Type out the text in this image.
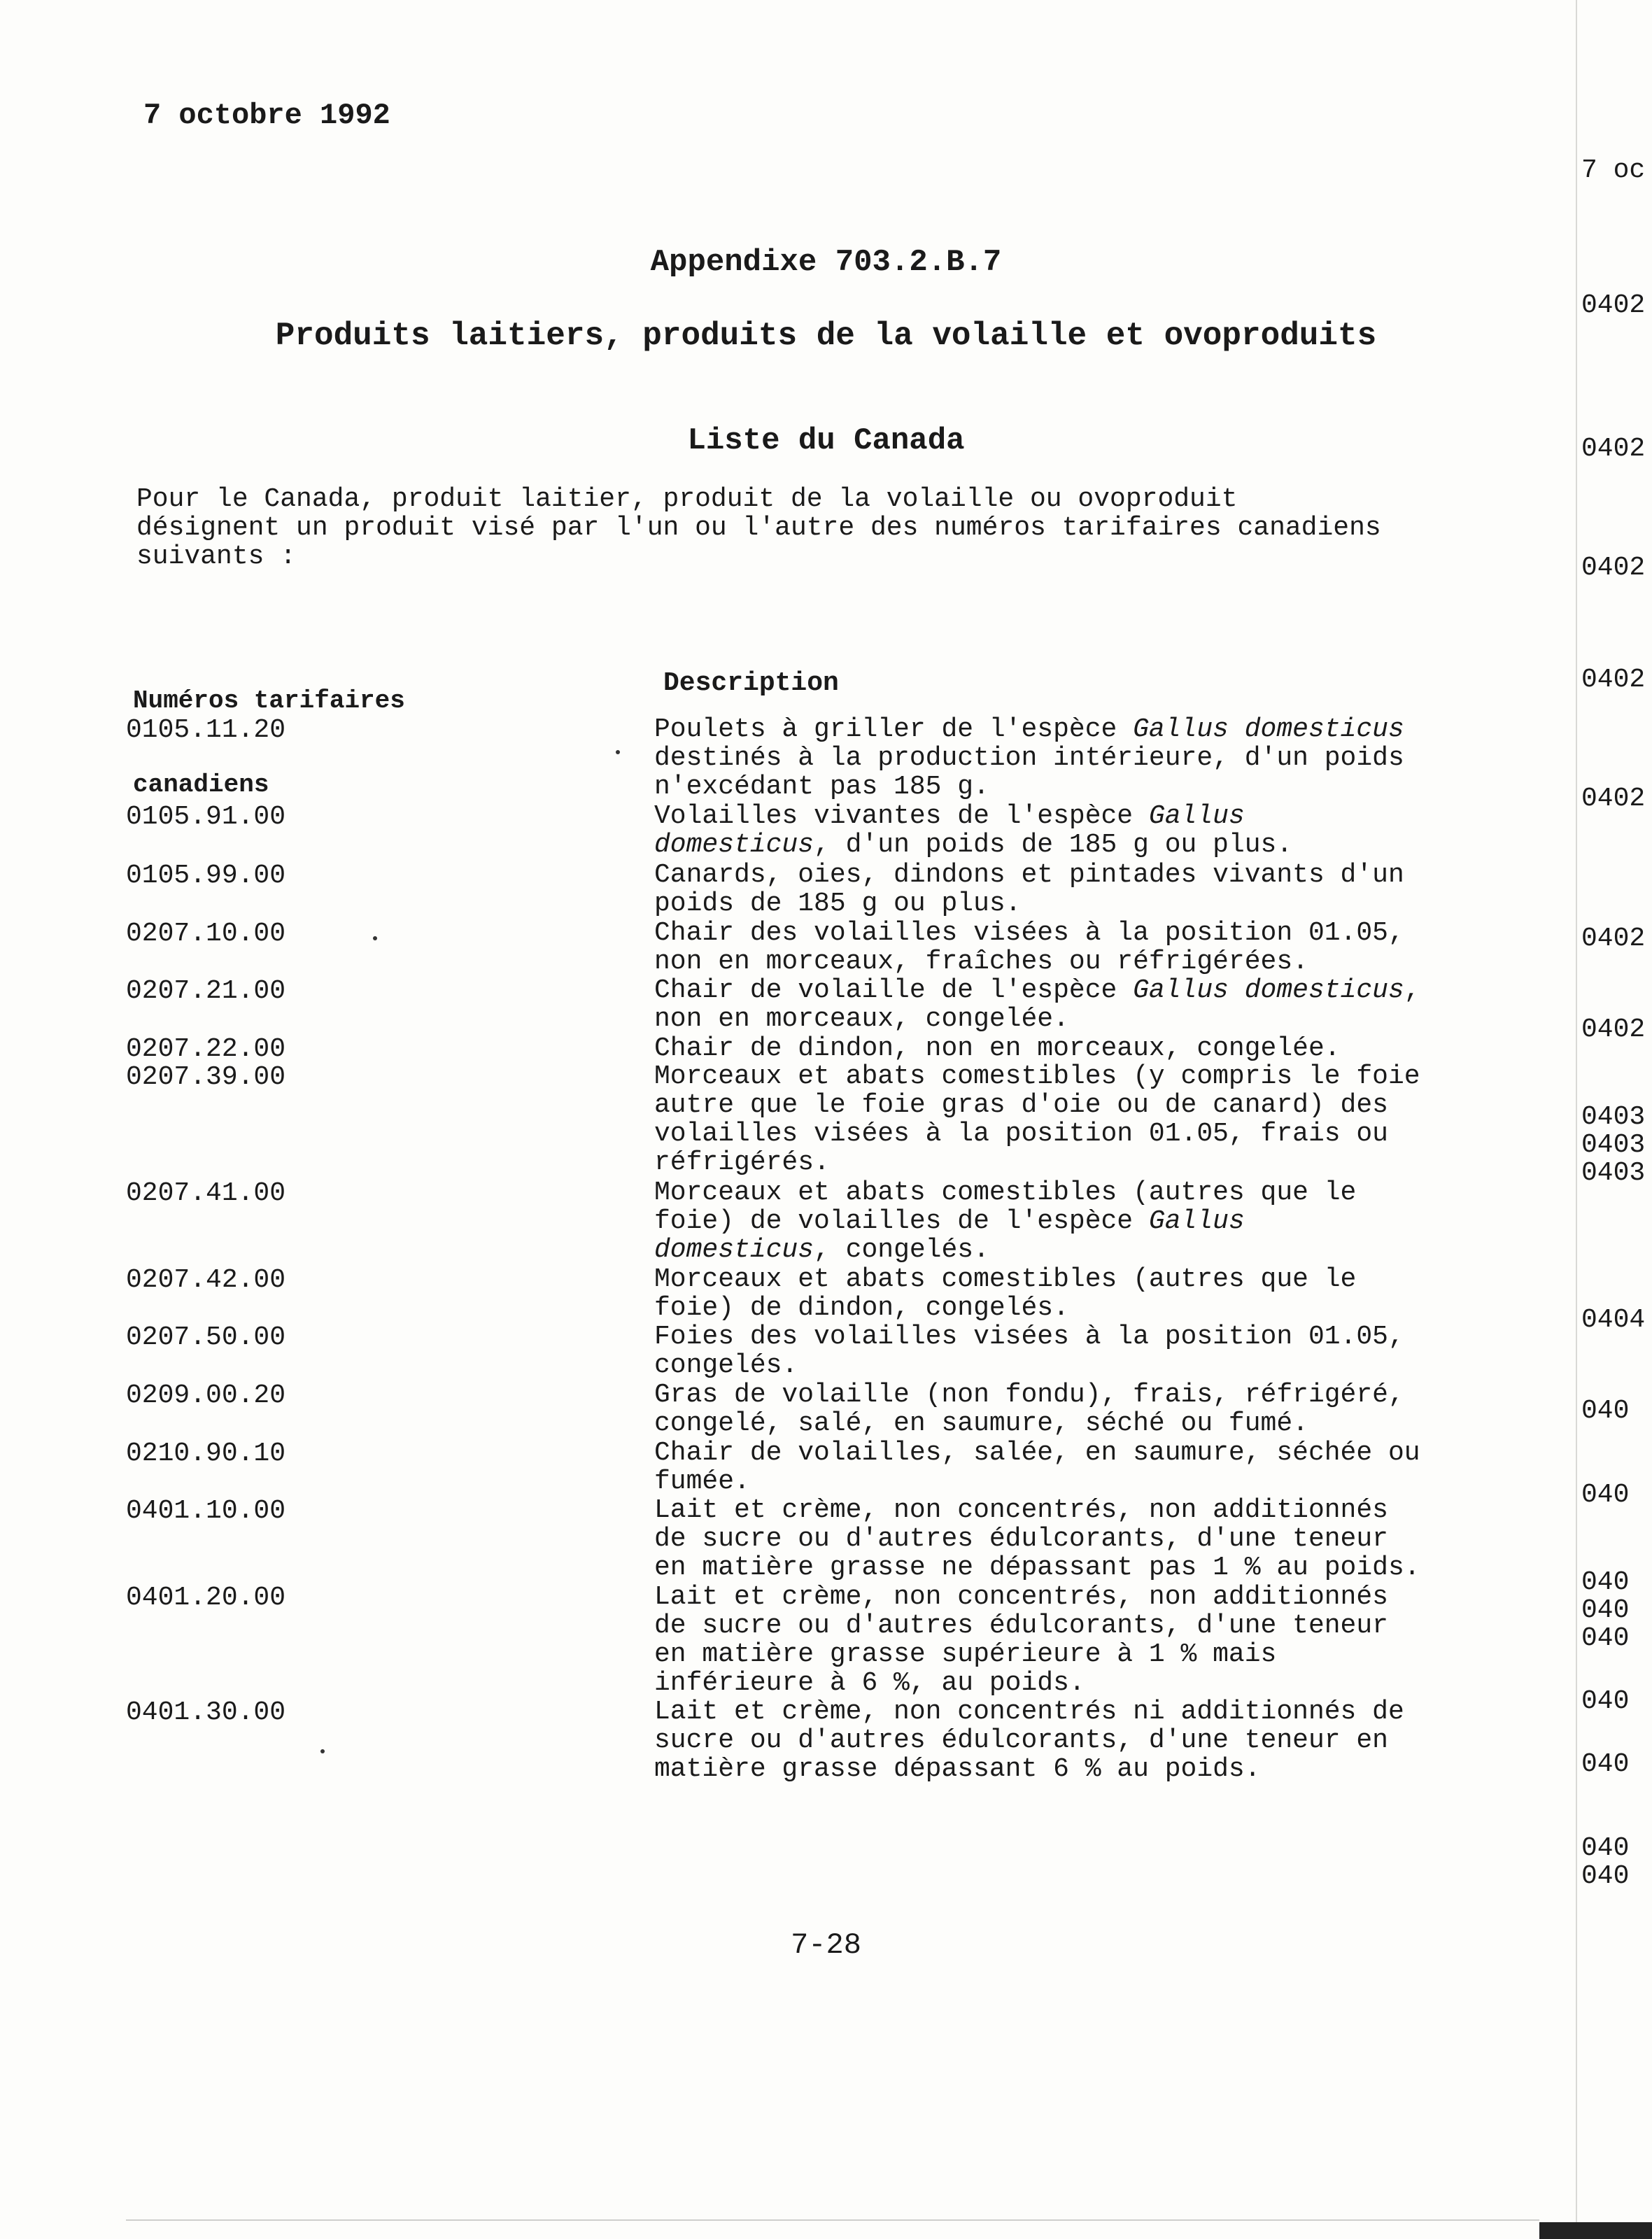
7 octobre 1992
Appendixe 703.2.B.7
Produits laitiers, produits de la volaille et ovoproduits
Liste du Canada
Pour le Canada, produit laitier, produit de la volaille ou ovoproduit
désignent un produit visé par l'un ou l'autre des numéros tarifaires canadiens
suivants :

Numéros tarifaires

canadiens

Description
0105.11.20	Poulets à griller de l'espèce Gallus domesticus
destinés à la production intérieure, d'un poids
n'excédant pas 185 g.
0105.91.00	Volailles vivantes de l'espèce Gallus
domesticus, d'un poids de 185 g ou plus.
0105.99.00	Canards, oies, dindons et pintades vivants d'un
poids de 185 g ou plus.
0207.10.00	Chair des volailles visées à la position 01.05,
non en morceaux, fraîches ou réfrigérées.
0207.21.00	Chair de volaille de l'espèce Gallus domesticus,
non en morceaux, congelée.
0207.22.00	Chair de dindon, non en morceaux, congelée.
0207.39.00	Morceaux et abats comestibles (y compris le foie
autre que le foie gras d'oie ou de canard) des
volailles visées à la position 01.05, frais ou
réfrigérés.
0207.41.00	Morceaux et abats comestibles (autres que le
foie) de volailles de l'espèce Gallus
domesticus, congelés.
0207.42.00	Morceaux et abats comestibles (autres que le
foie) de dindon, congelés.
0207.50.00	Foies des volailles visées à la position 01.05,
congelés.
0209.00.20	Gras de volaille (non fondu), frais, réfrigéré,
congelé, salé, en saumure, séché ou fumé.
0210.90.10	Chair de volailles, salée, en saumure, séchée ou
fumée.
0401.10.00	Lait et crème, non concentrés, non additionnés
de sucre ou d'autres édulcorants, d'une teneur
en matière grasse ne dépassant pas 1 % au poids.
0401.20.00	Lait et crème, non concentrés, non additionnés
de sucre ou d'autres édulcorants, d'une teneur
en matière grasse supérieure à 1 % mais
inférieure à 6 %, au poids.
0401.30.00	Lait et crème, non concentrés ni additionnés de
sucre ou d'autres édulcorants, d'une teneur en
matière grasse dépassant 6 % au poids.
7-28
7 oc
0402
0402
0402
0402
0402
0402
0402
0403
0403
0403
0404
040
040
040
040
040
040
040
040
040
